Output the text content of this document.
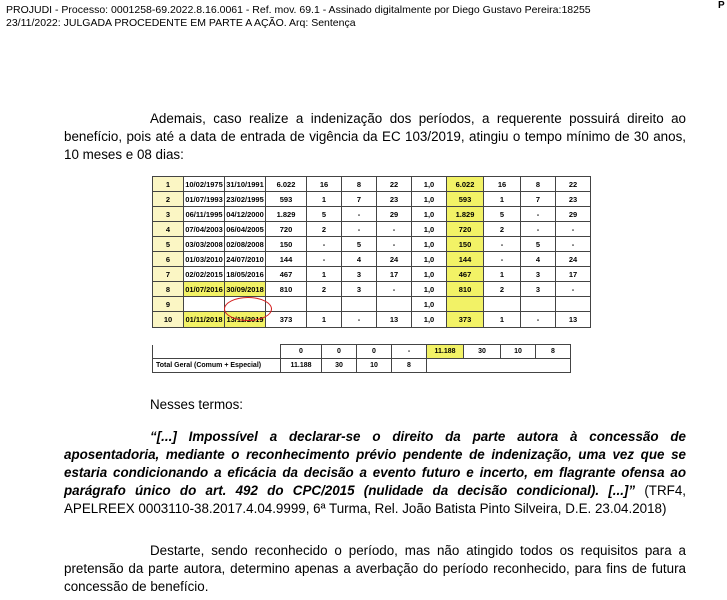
PROJUDI - Processo: 0001258-69.2022.8.16.0061 - Ref. mov. 69.1 - Assinado digitalmente por Diego Gustavo Pereira:18255
23/11/2022: JULGADA PROCEDENTE EM PARTE A AÇÃO. Arq: Sentença
P
Ademais, caso realize a indenização dos períodos, a requerente possuirá direito ao benefício, pois até a data de entrada de vigência da EC 103/2019, atingiu o tempo mínimo de 30 anos, 10 meses e 08 dias:
1	10/02/1975	31/10/1991	6.022	16	8	22	1,0	6.022	16	8	22
2	01/07/1993	23/02/1995	593	1	7	23	1,0	593	1	7	23
3	06/11/1995	04/12/2000	1.829	5	-	29	1,0	1.829	5	-	29
4	07/04/2003	06/04/2005	720	2	-	-	1,0	720	2	-	-
5	03/03/2008	02/08/2008	150	-	5	-	1,0	150	-	5	-
6	01/03/2010	24/07/2010	144	-	4	24	1,0	144	-	4	24
7	02/02/2015	18/05/2016	467	1	3	17	1,0	467	1	3	17
8	01/07/2016	30/09/2018	810	2	3	-	1,0	810	2	3	-
9							1,0				
10	01/11/2018	13/11/2019	373	1	-	13	1,0	373	1	-	13
	0	0	0	-	11.188	30	10	8
Total Geral (Comum + Especial)	11.188	30	10	8				
Nesses termos:
“[...] Impossível a declarar-se o direito da parte autora à concessão de aposentadoria, mediante o reconhecimento prévio pendente de indenização, uma vez que se estaria condicionando a eficácia da decisão a evento futuro e incerto, em flagrante ofensa ao parágrafo único do art. 492 do CPC/2015 (nulidade da decisão condicional). [...]” (TRF4, APELREEX 0003110-38.2017.4.04.9999, 6ª Turma, Rel. João Batista Pinto Silveira, D.E. 23.04.2018)
Destarte, sendo reconhecido o período, mas não atingido todos os requisitos para a pretensão da parte autora, determino apenas a averbação do período reconhecido, para fins de futura concessão de benefício.
